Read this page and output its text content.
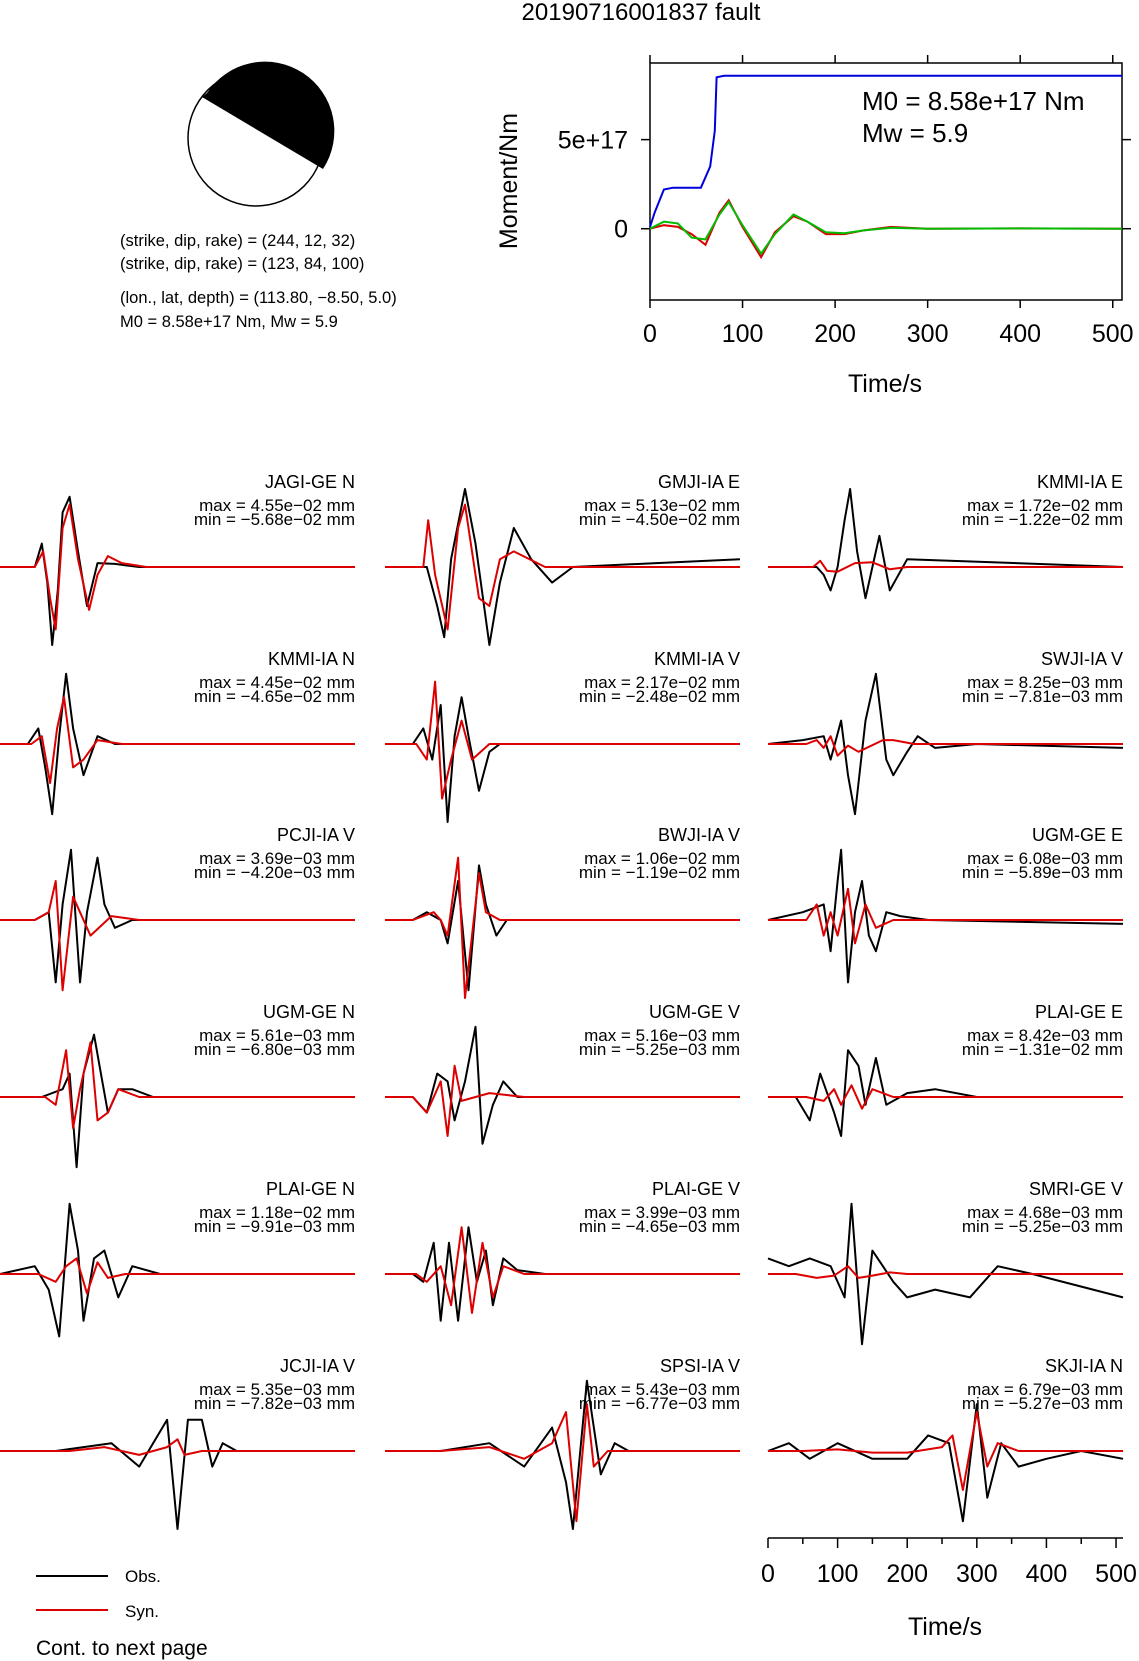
20190716001837 fault
(strike, dip, rake) = (244, 12, 32)
(strike, dip, rake) = (123, 84, 100)
(lon., lat, depth) = (113.80, −8.50, 5.0)
M0 = 8.58e+17 Nm, Mw = 5.9	0	100 200 300 400 500
0
5e+17
Time/s
Moment/Nm
M0 = 8.58e+17 Nm
Mw = 5.9
JAGI-GE N
max = 4.55e−02 mm
min = −5.68e−02 mm
GMJI-IA E
max = 5.13e−02 mm
min = −4.50e−02 mm
KMMI-IA E
max = 1.72e−02 mm
min = −1.22e−02 mm
KMMI-IA N
max = 4.45e−02 mm
min = −4.65e−02 mm
KMMI-IA V
max = 2.17e−02 mm
min = −2.48e−02 mm
SWJI-IA V
max = 8.25e−03 mm
min = −7.81e−03 mm
PCJI-IA V
max = 3.69e−03 mm
min = −4.20e−03 mm
BWJI-IA V
max = 1.06e−02 mm
min = −1.19e−02 mm
UGM-GE E
max = 6.08e−03 mm
min = −5.89e−03 mm
UGM-GE N
max = 5.61e−03 mm
min = −6.80e−03 mm
UGM-GE V
max = 5.16e−03 mm
min = −5.25e−03 mm
PLAI-GE E
max = 8.42e−03 mm
min = −1.31e−02 mm
PLAI-GE N
max = 1.18e−02 mm
min = −9.91e−03 mm
PLAI-GE V
max = 3.99e−03 mm
min = −4.65e−03 mm
SMRI-GE V
max = 4.68e−03 mm
min = −5.25e−03 mm
JCJI-IA V
max = 5.35e−03 mm
min = −7.82e−03 mm
SPSI-IA V
max = 5.43e−03 mm
min = −6.77e−03 mm
SKJI-IA N
max = 6.79e−03 mm
min = −5.27e−03 mm
0 100 200 300 400 500
Time/s
Obs.
Syn.
Cont. to next page
